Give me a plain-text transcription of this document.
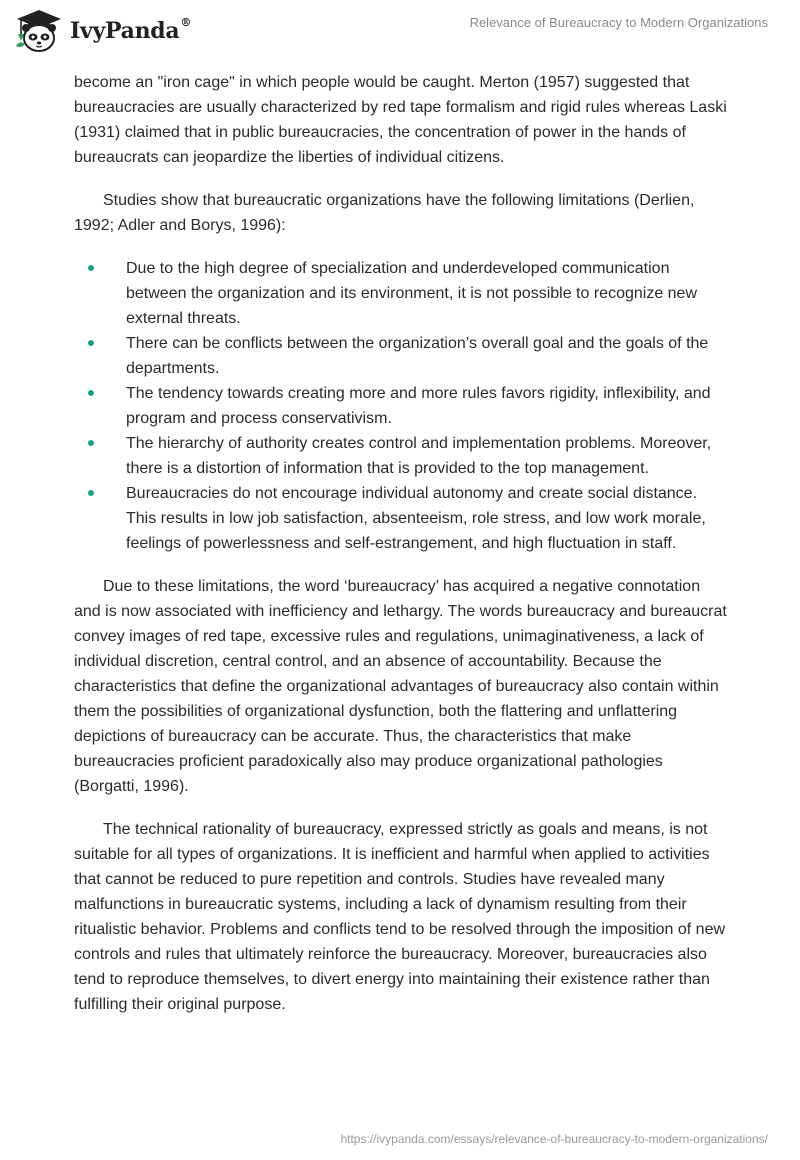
IvyPanda®	Relevance of Bureaucracy to Modern Organizations

become an "iron cage" in which people would be caught. Merton (1957) suggested that bureaucracies are usually characterized by red tape formalism and rigid rules whereas Laski (1931) claimed that in public bureaucracies, the concentration of power in the hands of bureaucrats can jeopardize the liberties of individual citizens.

Studies show that bureaucratic organizations have the following limitations (Derlien, 1992; Adler and Borys, 1996):

Due to the high degree of specialization and underdeveloped communication between the organization and its environment, it is not possible to recognize new external threats.
There can be conflicts between the organization’s overall goal and the goals of the departments.
The tendency towards creating more and more rules favors rigidity, inflexibility, and program and process conservativism.
The hierarchy of authority creates control and implementation problems. Moreover, there is a distortion of information that is provided to the top management.
Bureaucracies do not encourage individual autonomy and create social distance. This results in low job satisfaction, absenteeism, role stress, and low work morale, feelings of powerlessness and self-estrangement, and high fluctuation in staff.

Due to these limitations, the word ‘bureaucracy’ has acquired a negative connotation and is now associated with inefficiency and lethargy. The words bureaucracy and bureaucrat convey images of red tape, excessive rules and regulations, unimaginativeness, a lack of individual discretion, central control, and an absence of accountability. Because the characteristics that define the organizational advantages of bureaucracy also contain within them the possibilities of organizational dysfunction, both the flattering and unflattering depictions of bureaucracy can be accurate. Thus, the characteristics that make bureaucracies proficient paradoxically also may produce organizational pathologies (Borgatti, 1996).

The technical rationality of bureaucracy, expressed strictly as goals and means, is not suitable for all types of organizations. It is inefficient and harmful when applied to activities that cannot be reduced to pure repetition and controls. Studies have revealed many malfunctions in bureaucratic systems, including a lack of dynamism resulting from their ritualistic behavior. Problems and conflicts tend to be resolved through the imposition of new controls and rules that ultimately reinforce the bureaucracy. Moreover, bureaucracies also tend to reproduce themselves, to divert energy into maintaining their existence rather than fulfilling their original purpose.

https://ivypanda.com/essays/relevance-of-bureaucracy-to-modern-organizations/
